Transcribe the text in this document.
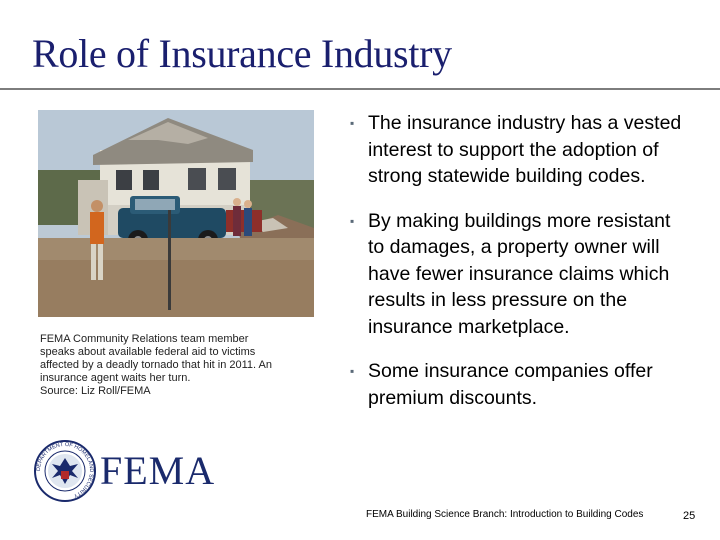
Role of Insurance Industry

FEMA Community Relations team member

speaks about available federal aid to victims

affected by a deadly tornado that hit in 2011. An

insurance agent waits her turn.

Source: Liz Roll/FEMA

▪ The insurance industry has a vested interest to support the adoption of strong statewide building codes.
▪ By making buildings more resistant to damages, a property owner will have fewer insurance claims which results in less pressure on the insurance marketplace.
▪ Some insurance companies offer premium discounts.
DEPARTMENT OF HOMELAND SECURITY
FEMA
FEMA Building Science Branch: Introduction to Building Codes	25
